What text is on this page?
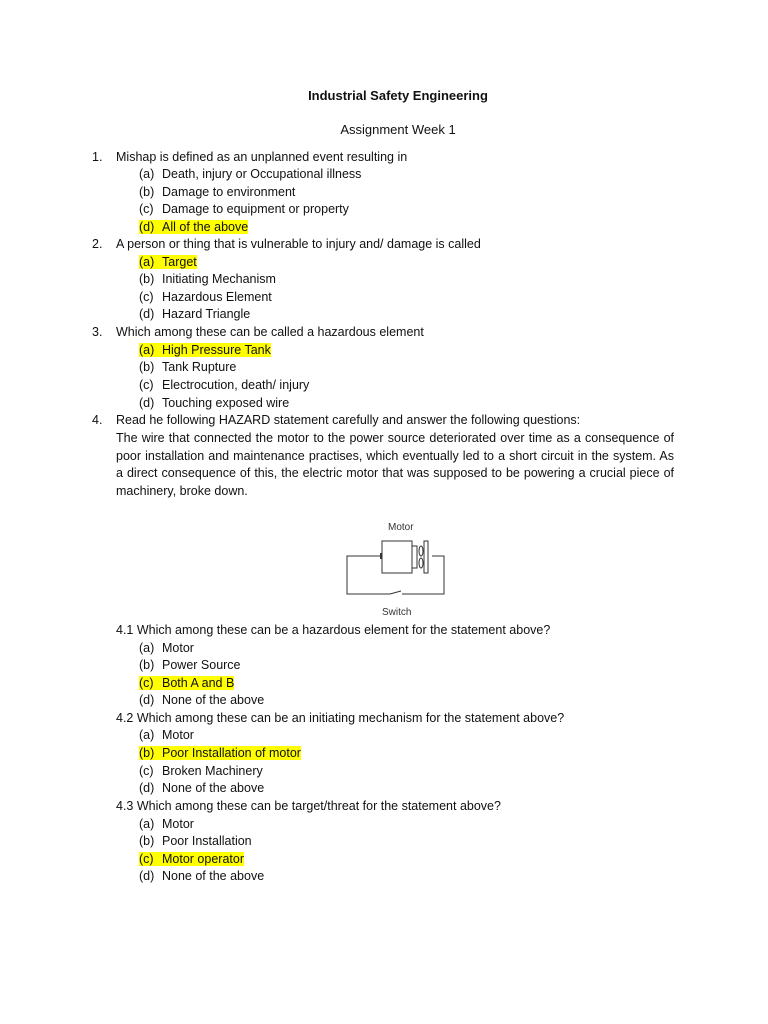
Industrial Safety Engineering
Assignment Week 1
1. Mishap is defined as an unplanned event resulting in
(a) Death, injury or Occupational illness
(b) Damage to environment
(c) Damage to equipment or property
(d) All of the above
2. A person or thing that is vulnerable to injury and/ damage is called
(a) Target
(b) Initiating Mechanism
(c) Hazardous Element
(d) Hazard Triangle
3. Which among these can be called a hazardous element
(a) High Pressure Tank
(b) Tank Rupture
(c) Electrocution, death/ injury
(d) Touching exposed wire
4. Read he following HAZARD statement carefully and answer the following questions:
The wire that connected the motor to the power source deteriorated over time as a consequence of poor installation and maintenance practises, which eventually led to a short circuit in the system. As a direct consequence of this, the electric motor that was supposed to be powering a crucial piece of machinery, broke down.
Motor
Switch
4.1 Which among these can be a hazardous element for the statement above?
(a) Motor
(b) Power Source
(c) Both A and B
(d) None of the above
4.2 Which among these can be an initiating mechanism for the statement above?
(a) Motor
(b) Poor Installation of motor
(c) Broken Machinery
(d) None of the above
4.3 Which among these can be target/threat for the statement above?
(a) Motor
(b) Poor Installation
(c) Motor operator
(d) None of the above
